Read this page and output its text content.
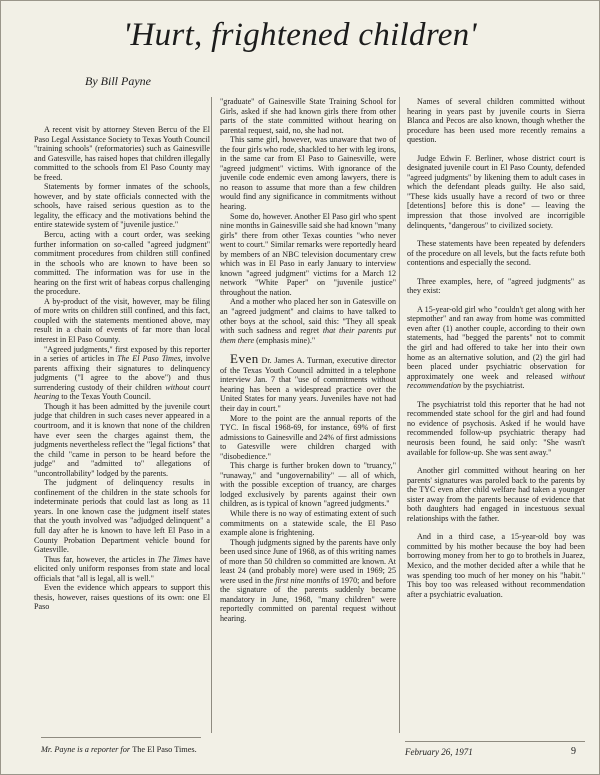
'Hurt, frightened children'
By Bill Payne

A recent visit by attorney Steven Bercu of the El Paso Legal Assistance Society to Texas Youth Council "training schools" (reformatories) such as Gainesville and Gatesville, has raised hopes that children illegally committed to the schools from El Paso County may be freed.

Statements by former inmates of the schools, however, and by state officials connected with the schools, have raised serious question as to the legality, the efficacy and the motivations behind the entire statewide system of "juvenile justice."

Bercu, acting with a court order, was seeking further information on so-called "agreed judgment" commitment procedures from children still confined in the schools who are known to have been so committed. The information was for use in the hearing on the first writ of habeas corpus challenging the procedure.

A by-product of the visit, however, may be filing of more writs on children still confined, and this fact, coupled with the statements mentioned above, may result in a chain of events of far more than local interest in El Paso County.

"Agreed judgments," first exposed by this reporter in a series of articles in The El Paso Times, involve parents affixing their signatures to delinquency judgments ("I agree to the above") and thus surrendering custody of their children without court hearing to the Texas Youth Council.

Though it has been admitted by the juvenile court judge that children in such cases never appeared in a courtroom, and it is known that none of the children have ever seen the charges against them, the judgments nevertheless reflect the "legal fictions" that the child "came in person to be heard before the judge" and "admitted to" allegations of "uncontrollability" lodged by the parents.

The judgment of delinquency results in confinement of the children in the state schools for indeterminate periods that could last as long as 11 years. In one known case the judgment itself states that the youth involved was "adjudged delinquent" a full day after he is known to have left El Paso in a County Probation Department vehicle bound for Gatesville.

Thus far, however, the articles in The Times have elicited only uniform responses from state and local officials that "all is legal, all is well."

Even the evidence which appears to support this thesis, however, raises questions of its own: one El Paso

"graduate" of Gainesville State Training School for Girls, asked if she had known girls there from other parts of the state committed without hearing on parental request, said, no, she had not.

This same girl, however, was unaware that two of the four girls who rode, shackled to her with leg irons, in the same car from El Paso to Gainesville, were "agreed judgment" victims. With ignorance of the juvenile code endemic even among lawyers, there is no reason to assume that more than a few children would find any significance in commitments without hearing.

Some do, however. Another El Paso girl who spent nine months in Gainesville said she had known "many girls" there from other Texas counties "who never went to court." Similar remarks were reportedly heard by members of an NBC television documentary crew which was in El Paso in early January to interview known "agreed judgment" victims for a March 12 network "White Paper" on "juvenile justice" throughout the nation.

And a mother who placed her son in Gatesville on an "agreed judgment" and claims to have talked to other boys at the school, said this: "They all speak with such sadness and regret that their parents put them there (emphasis mine)."

Even Dr. James A. Turman, executive director of the Texas Youth Council admitted in a telephone interview Jan. 7 that "use of commitments without hearing has been a widespread practice over the United States for many years. Juveniles have not had their day in court."

More to the point are the annual reports of the TYC. In fiscal 1968-69, for instance, 69% of first admissions to Gainesville and 24% of first admissions to Gatesville were children charged with "disobedience."

This charge is further broken down to "truancy," "runaway," and "ungovernability" — all of which, with the possible exception of truancy, are charges lodged exclusively by parents against their own children, as is typical of known "agreed judgments."

While there is no way of estimating extent of such commitments on a statewide scale, the El Paso example alone is frightening.

Though judgments signed by the parents have only been used since June of 1968, as of this writing names of more than 50 children so committed are known. At least 24 (and probably more) were used in 1969; 25 were used in the first nine months of 1970; and before the signature of the parents suddenly became mandatory in June, 1968, "many children" were reportedly committed on parental request without hearing.

Names of several children committed without hearing in years past by juvenile courts in Sierra Blanca and Pecos are also known, though whether the procedure has been used more recently remains a question.

Judge Edwin F. Berliner, whose district court is designated juvenile court in El Paso County, defended "agreed judgments" by likening them to adult cases in which the defendant pleads guilty. He also said, "These kids usually have a record of two or three [detentions] before this is done" — leaving the impression that those involved are incorrigible delinquents, "dangerous" to civilized society.

These statements have been repeated by defenders of the procedure on all levels, but the facts refute both contentions and especially the second.

Three examples, here, of "agreed judgments" as they exist:

A 15-year-old girl who "couldn't get along with her stepmother" and ran away from home was committed even after (1) another couple, according to their own statements, had "begged the parents" not to commit the girl and had offered to take her into their own home as an alternative solution, and (2) the girl had been placed under psychiatric observation for approximately one week and released without recommendation by the psychiatrist.

The psychiatrist told this reporter that he had not recommended state school for the girl and had found no evidence of psychosis. Asked if he would have recommended follow-up psychiatric therapy had neurosis been found, he said only: "She wasn't available for follow-up. She was sent away."

Another girl committed without hearing on her parents' signatures was paroled back to the parents by the TYC even after child welfare had taken a younger sister away from the parents because of evidence that both daughters had engaged in incestuous sexual relationships with the father.

And in a third case, a 15-year-old boy was committed by his mother because the boy had been borrowing money from her to go to brothels in Juarez, Mexico, and the mother decided after a while that he was spending too much of her money on his "habit." This boy too was released without recommendation after a psychiatric evaluation.

Mr. Payne is a reporter for The El Paso Times.	February 26, 1971	9
